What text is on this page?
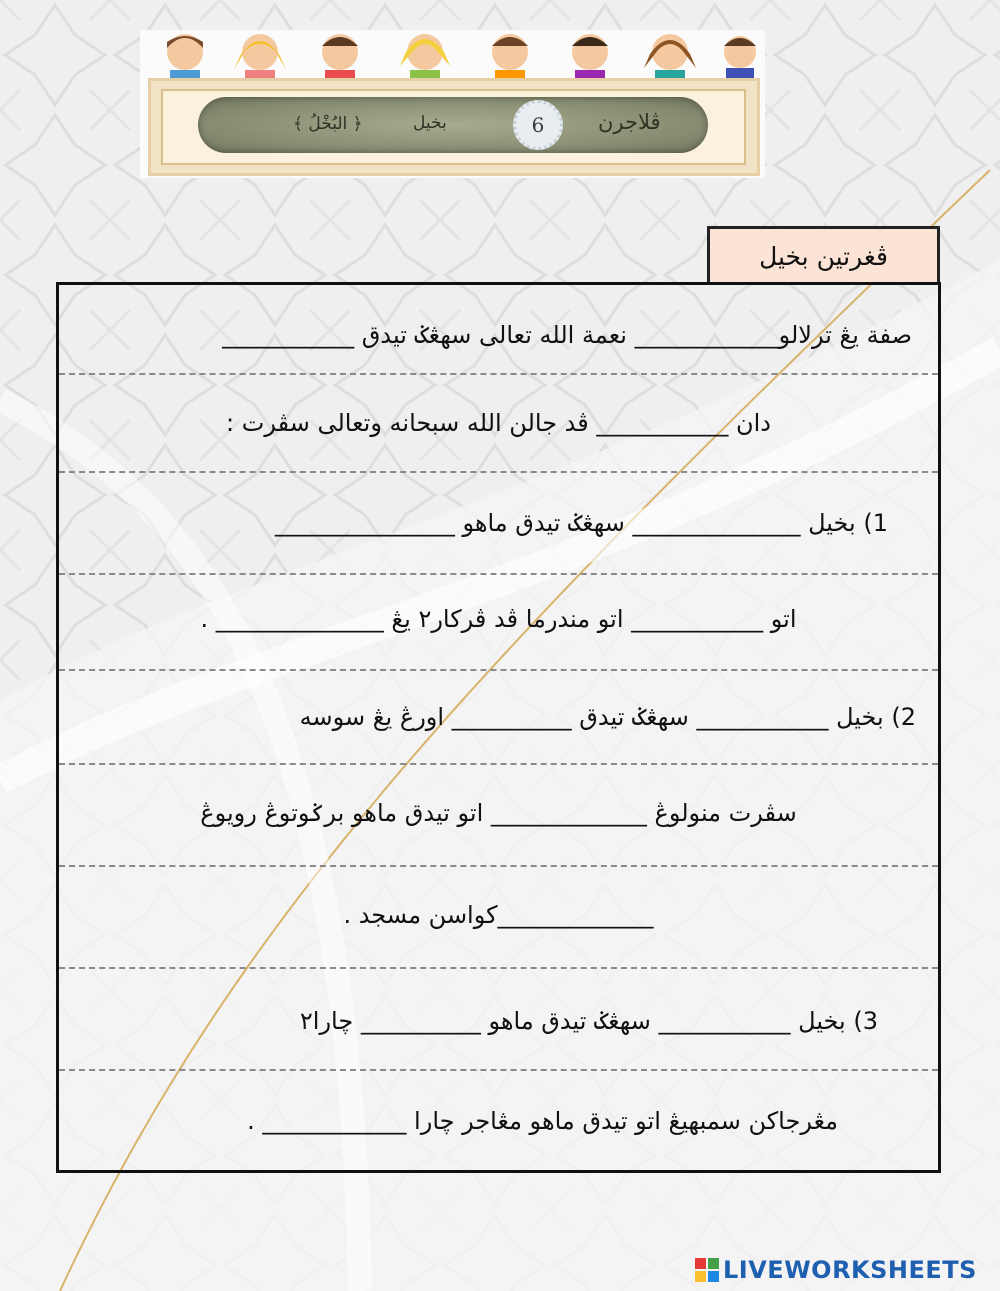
ڤلاجرن
6
بخيل
﴿ البُخْلُ ﴾
ڤغرتين بخيل
صفة يڠ ترلالو____________ نعمة الله تعالى سهڠݢ تيدق ___________
دان ___________ ڤد جالن الله سبحانه وتعالى سڤرت :
1) بخيل ______________ سهڠݢ تيدق ماهو _______________
اتو ___________ اتو مندرما ڤد ڤركار٢ يڠ ______________ .
2) بخيل ___________ سهڠݢ تيدق __________ اورڠ يڠ سوسه
سڤرت منولوڠ _____________ اتو تيدق ماهو برݢوتوڠ رويوڠ
_____________كواسن مسجد .
3) بخيل ___________ سهڠݢ تيدق ماهو __________ چارا٢
مڠرجاكن سمبهيڠ اتو تيدق ماهو مڠاجر چارا ____________ .
LIVEWORKSHEETS
